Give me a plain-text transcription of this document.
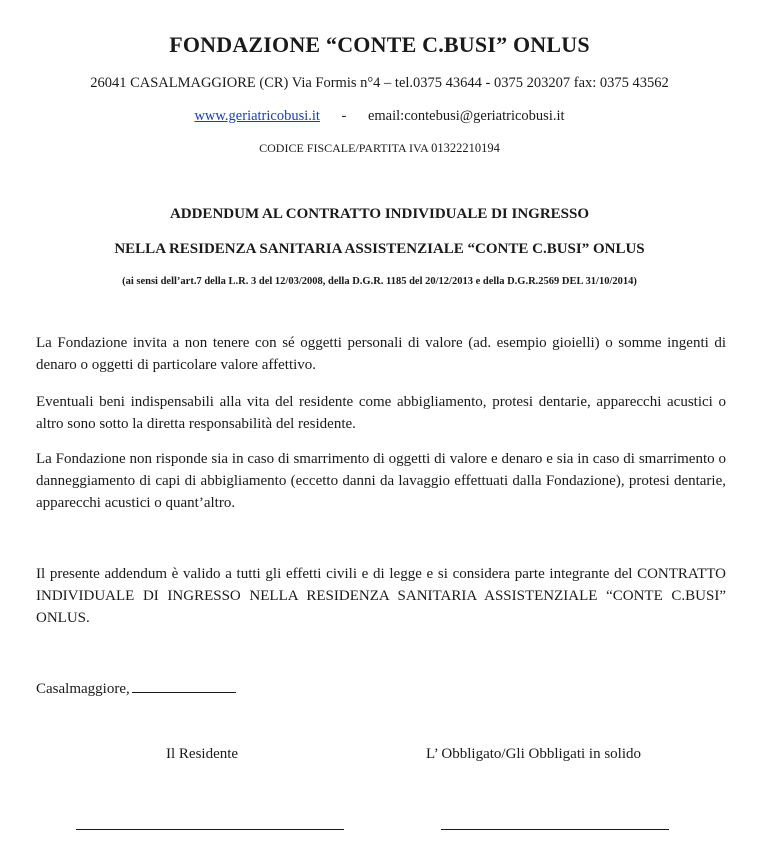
FONDAZIONE “CONTE C.BUSI” ONLUS
26041 CASALMAGGIORE (CR) Via Formis n°4 – tel.0375 43644 - 0375 203207 fax: 0375 43562
www.geriatricobusi.it - email:contebusi@geriatricobusi.it
CODICE FISCALE/PARTITA IVA 01322210194
ADDENDUM AL CONTRATTO INDIVIDUALE DI INGRESSO
NELLA RESIDENZA SANITARIA ASSISTENZIALE “CONTE C.BUSI” ONLUS
(ai sensi dell’art.7 della L.R. 3 del 12/03/2008, della D.G.R. 1185 del 20/12/2013 e della D.G.R.2569 DEL 31/10/2014)

La Fondazione invita a non tenere con sé oggetti personali di valore (ad. esempio gioielli) o somme ingenti di denaro o oggetti di particolare valore affettivo.

Eventuali beni indispensabili alla vita del residente come abbigliamento, protesi dentarie, apparecchi acustici o altro sono sotto la diretta responsabilità del residente.

La Fondazione non risponde sia in caso di smarrimento di oggetti di valore e denaro e sia in caso di smarrimento o danneggiamento di capi di abbigliamento (eccetto danni da lavaggio effettuati dalla Fondazione), protesi dentarie, apparecchi acustici o quant’altro.

Il presente addendum è valido a tutti gli effetti civili e di legge e si considera parte integrante del CONTRATTO INDIVIDUALE DI INGRESSO NELLA RESIDENZA SANITARIA ASSISTENZIALE “CONTE C.BUSI” ONLUS.

Casalmaggiore,
Il Residente	L’ Obbligato/Gli Obbligati in solido
